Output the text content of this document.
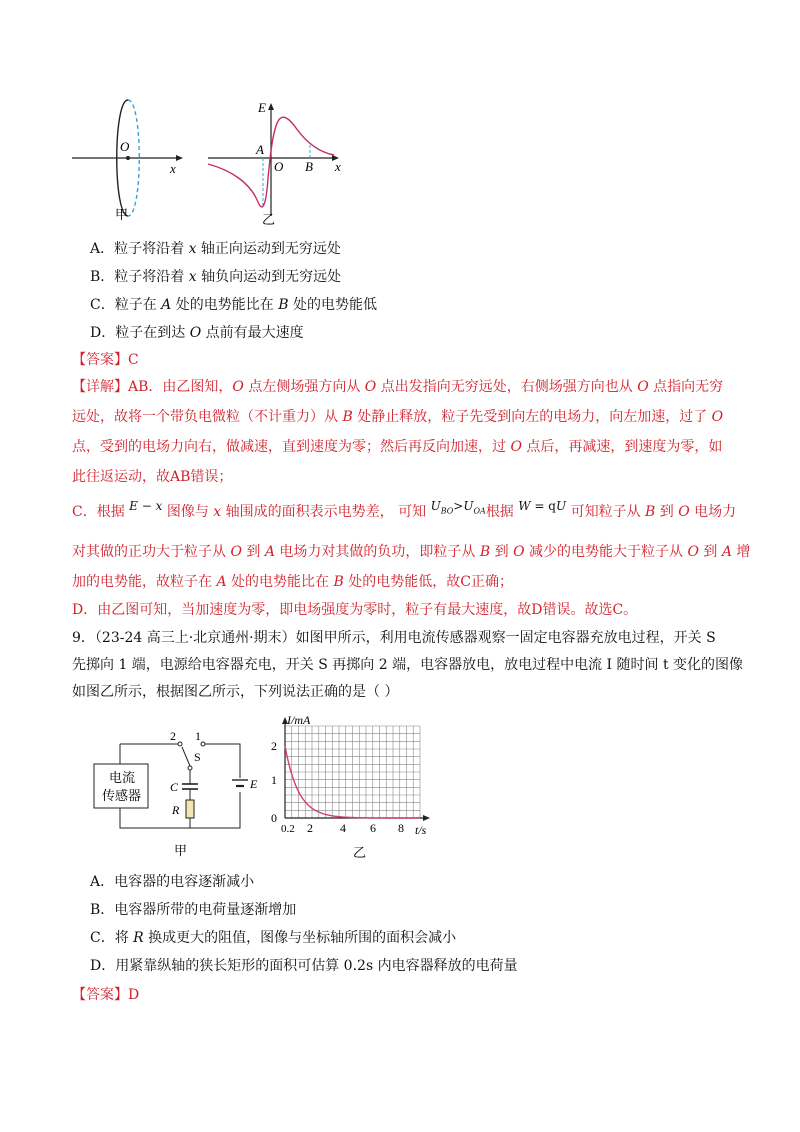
O
x
甲
E
A
O B x
乙
A．粒子将沿着 x 轴正向运动到无穷远处
B．粒子将沿着 x 轴负向运动到无穷远处
C．粒子在 A 处的电势能比在 B 处的电势能低
D．粒子在到达 O 点前有最大速度
【答案】C
【详解】AB．由乙图知，O 点左侧场强方向从 O 点出发指向无穷远处，右侧场强方向也从 O 点指向无穷
远处，故将一个带负电微粒（不计重力）从 B 处静止释放，粒子先受到向左的电场力，向左加速，过了 O
点，受到的电场力向右，做减速，直到速度为零；然后再反向加速，过 O 点后，再减速，到速度为零，如
此往返运动，故AB错误；
C．根据 E − x 图像与 x 轴围成的面积表示电势差， 可知 $U_{BO}>U_{OA}$根据 W = qU 可知粒子从 B 到 O 电场力
对其做的正功大于粒子从 O 到 A 电场力对其做的负功，即粒子从 B 到 O 减少的电势能大于粒子从 O 到 A 增
加的电势能，故粒子在 A 处的电势能比在 B 处的电势能低，故C正确；
D．由乙图可知，当加速度为零，即电场强度为零时，粒子有最大速度，故D错误。故选C。
9．（23-24 高三上·北京通州·期末）如图甲所示，利用电流传感器观察一固定电容器充放电过程，开关 S
先掷向 1 端，电源给电容器充电，开关 S 再掷向 2 端，电容器放电，放电过程中电流 I 随时间 t 变化的图像
如图乙所示，根据图乙所示，下列说法正确的是（ ）
电流
传感器
2 1
S
C
R
E
甲
I/mA
2
1
0
0.2 2 4 6 8 t/s
乙
A．电容器的电容逐渐减小
B．电容器所带的电荷量逐渐增加
C．将 R 换成更大的阻值，图像与坐标轴所围的面积会减小
D．用紧靠纵轴的狭长矩形的面积可估算 0.2s 内电容器释放的电荷量
【答案】D
